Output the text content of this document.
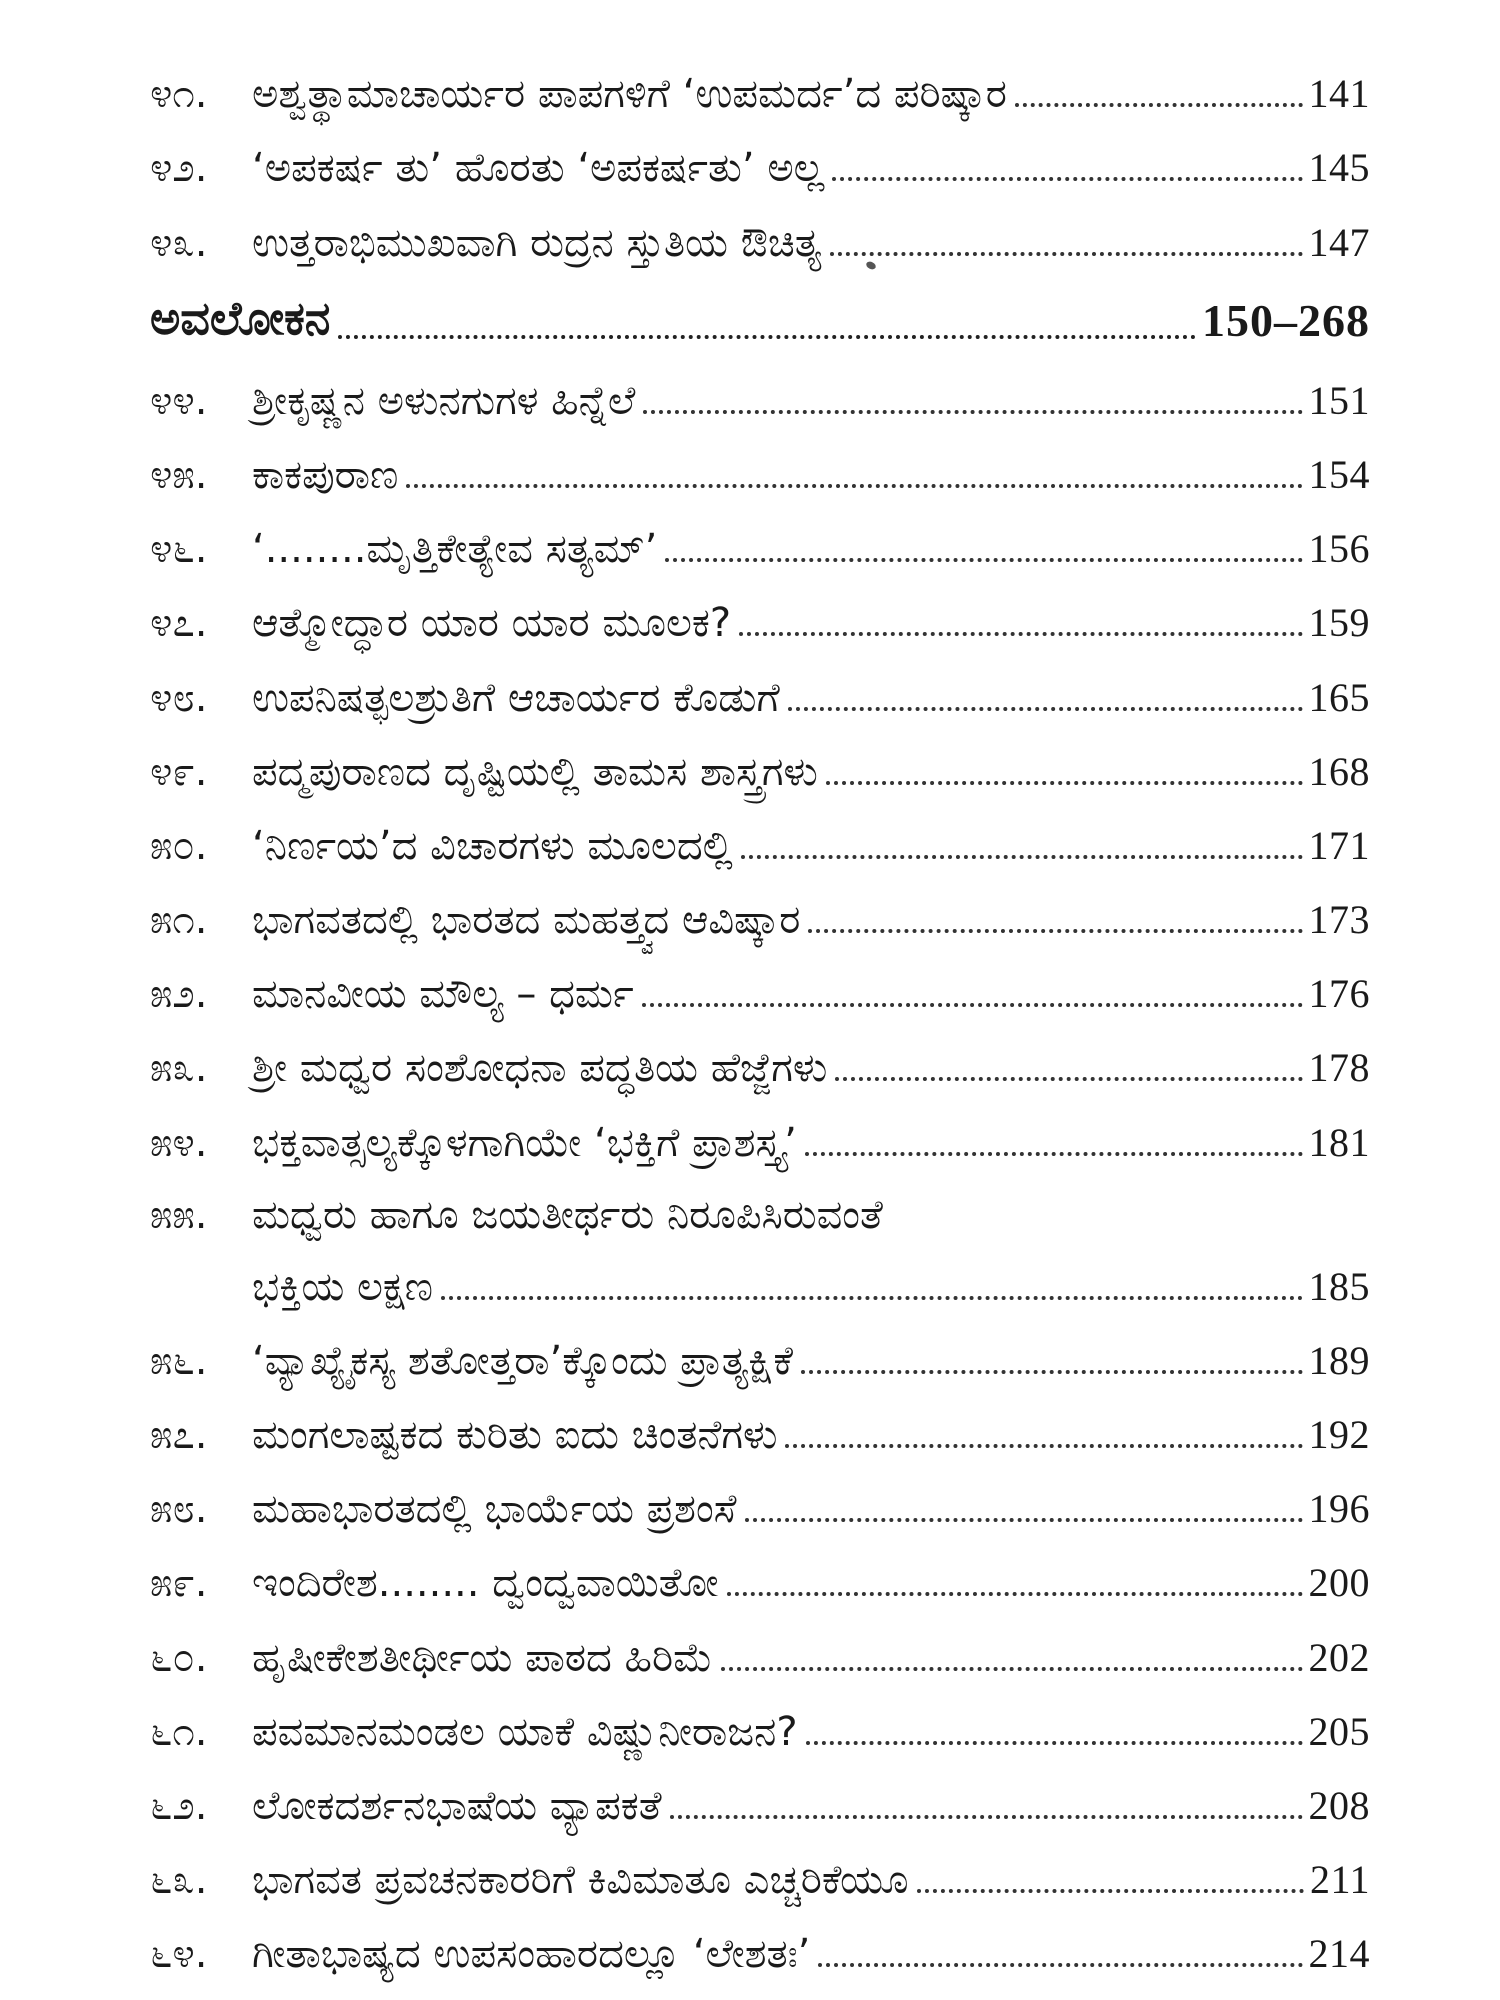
೪೧.	ಅಶ್ವತ್ಥಾಮಾಚಾರ್ಯರ ಪಾಪಗಳಿಗೆ ‘ಉಪಮರ್ದ’ದ ಪರಿಷ್ಕಾರ	141
೪೨.	‘ಅಪಕರ್ಷ ತು’ ಹೊರತು ‘ಅಪಕರ್ಷತು’ ಅಲ್ಲ	145
೪೩.	ಉತ್ತರಾಭಿಮುಖವಾಗಿ ರುದ್ರನ ಸ್ತುತಿಯ ಔಚಿತ್ಯ	147
ಅವಲೋಕನ	150–268
೪೪.	ಶ್ರೀಕೃಷ್ಣನ ಅಳುನಗುಗಳ ಹಿನ್ನೆಲೆ	151
೪೫.	ಕಾಕಪುರಾಣ	154
೪೬.	‘........ಮೃತ್ತಿಕೇತ್ಯೇವ ಸತ್ಯಮ್’	156
೪೭.	ಆತ್ಮೋದ್ಧಾರ ಯಾರ ಯಾರ ಮೂಲಕ?	159
೪೮.	ಉಪನಿಷತ್ಫಲಶ್ರುತಿಗೆ ಆಚಾರ್ಯರ ಕೊಡುಗೆ	165
೪೯.	ಪದ್ಮಪುರಾಣದ ದೃಷ್ಟಿಯಲ್ಲಿ ತಾಮಸ ಶಾಸ್ತ್ರಗಳು	168
೫೦.	‘ನಿರ್ಣಯ’ದ ವಿಚಾರಗಳು ಮೂಲದಲ್ಲಿ	171
೫೧.	ಭಾಗವತದಲ್ಲಿ ಭಾರತದ ಮಹತ್ತ್ವದ ಆವಿಷ್ಕಾರ	173
೫೨.	ಮಾನವೀಯ ಮೌಲ್ಯ – ಧರ್ಮ	176
೫೩.	ಶ್ರೀ ಮಧ್ವರ ಸಂಶೋಧನಾ ಪದ್ಧತಿಯ ಹೆಜ್ಜೆಗಳು	178
೫೪.	ಭಕ್ತವಾತ್ಸಲ್ಯಕ್ಕೊಳಗಾಗಿಯೇ ‘ಭಕ್ತಿಗೆ ಪ್ರಾಶಸ್ತ್ಯ’	181
೫೫.	ಮಧ್ವರು ಹಾಗೂ ಜಯತೀರ್ಥರು ನಿರೂಪಿಸಿರುವಂತೆ
ಭಕ್ತಿಯ ಲಕ್ಷಣ	185
೫೬.	‘ವ್ಯಾಖ್ಯೈಕಸ್ಯ ಶತೋತ್ತರಾ’ಕ್ಕೊಂದು ಪ್ರಾತ್ಯಕ್ಷಿಕೆ	189
೫೭.	ಮಂಗಲಾಷ್ಟಕದ ಕುರಿತು ಐದು ಚಿಂತನೆಗಳು	192
೫೮.	ಮಹಾಭಾರತದಲ್ಲಿ ಭಾರ್ಯೆಯ ಪ್ರಶಂಸೆ	196
೫೯.	ಇಂದಿರೇಶ........ ದ್ವಂದ್ವವಾಯಿತೋ	200
೬೦.	ಹೃಷೀಕೇಶತೀರ್ಥೀಯ ಪಾಠದ ಹಿರಿಮೆ	202
೬೧.	ಪವಮಾನಮಂಡಲ ಯಾಕೆ ವಿಷ್ಣುನೀರಾಜನ?	205
೬೨.	ಲೋಕದರ್ಶನಭಾಷೆಯ ವ್ಯಾಪಕತೆ	208
೬೩.	ಭಾಗವತ ಪ್ರವಚನಕಾರರಿಗೆ ಕಿವಿಮಾತೂ ಎಚ್ಚರಿಕೆಯೂ	211
೬೪.	ಗೀತಾಭಾಷ್ಯದ ಉಪಸಂಹಾರದಲ್ಲೂ ‘ಲೇಶತಃ’	214
